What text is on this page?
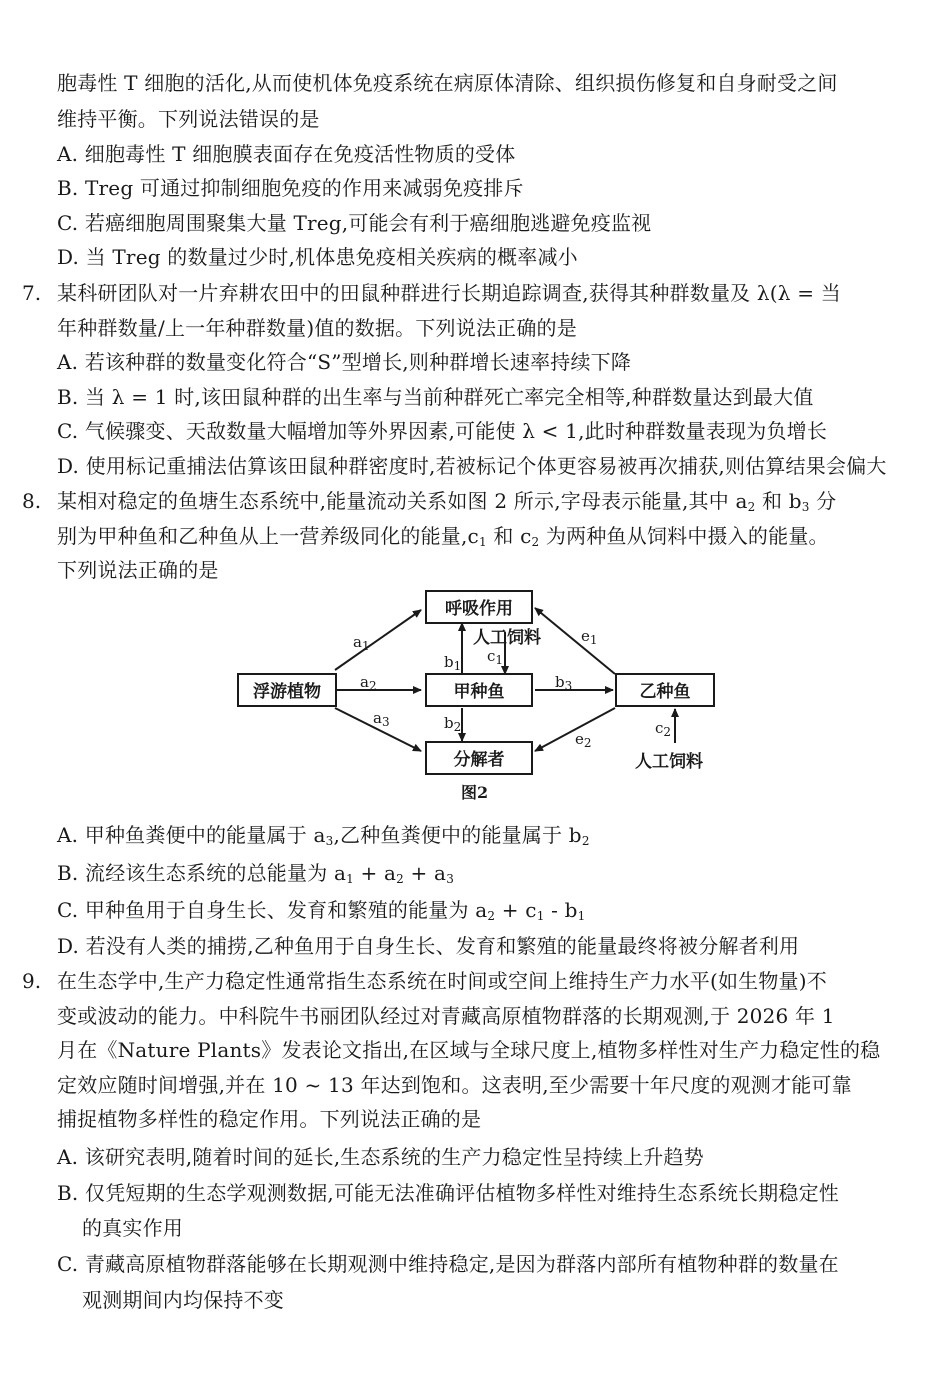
胞毒性 T 细胞的活化,从而使机体免疫系统在病原体清除、组织损伤修复和自身耐受之间
维持平衡。下列说法错误的是
A. 细胞毒性 T 细胞膜表面存在免疫活性物质的受体
B. Treg 可通过抑制细胞免疫的作用来减弱免疫排斥
C. 若癌细胞周围聚集大量 Treg,可能会有利于癌细胞逃避免疫监视
D. 当 Treg 的数量过少时,机体患免疫相关疾病的概率减小
7. 某科研团队对一片弃耕农田中的田鼠种群进行长期追踪调查,获得其种群数量及 λ(λ = 当
年种群数量/上一年种群数量)值的数据。下列说法正确的是
A. 若该种群的数量变化符合“S”型增长,则种群增长速率持续下降
B. 当 λ = 1 时,该田鼠种群的出生率与当前种群死亡率完全相等,种群数量达到最大值
C. 气候骤变、天敌数量大幅增加等外界因素,可能使 λ < 1,此时种群数量表现为负增长
D. 使用标记重捕法估算该田鼠种群密度时,若被标记个体更容易被再次捕获,则估算结果会偏大
8. 某相对稳定的鱼塘生态系统中,能量流动关系如图 2 所示,字母表示能量,其中 $a_2$ 和 $b_3$ 分
别为甲种鱼和乙种鱼从上一营养级同化的能量$,c_1$ 和 $c_2$ 为两种鱼从饲料中摄入的能量。
下列说法正确的是
呼吸作用
浮游植物	甲种鱼	乙种鱼
分解者
人工饲料
人工饲料
图2
$a_1$
$a_2$
$a_3$
$b_1$
$c_1$
$b_2$
$b_3$
$e_1$
$e_2$
$c_2$
A. 甲种鱼粪便中的能量属于 $a_3$,乙种鱼粪便中的能量属于 $b_2$
B. 流经该生态系统的总能量为 $a_1 + a_2 + a_3$
C. 甲种鱼用于自身生长、发育和繁殖的能量为 $a_2 + c_1 - b_1$
D. 若没有人类的捕捞,乙种鱼用于自身生长、发育和繁殖的能量最终将被分解者利用
9. 在生态学中,生产力稳定性通常指生态系统在时间或空间上维持生产力水平(如生物量)不
变或波动的能力。中科院牛书丽团队经过对青藏高原植物群落的长期观测,于 2026 年 1
月在《Nature Plants》发表论文指出,在区域与全球尺度上,植物多样性对生产力稳定性的稳
定效应随时间增强,并在 10 ~ 13 年达到饱和。这表明,至少需要十年尺度的观测才能可靠
捕捉植物多样性的稳定作用。下列说法正确的是
A. 该研究表明,随着时间的延长,生态系统的生产力稳定性呈持续上升趋势
B. 仅凭短期的生态学观测数据,可能无法准确评估植物多样性对维持生态系统长期稳定性
的真实作用
C. 青藏高原植物群落能够在长期观测中维持稳定,是因为群落内部所有植物种群的数量在
观测期间内均保持不变
